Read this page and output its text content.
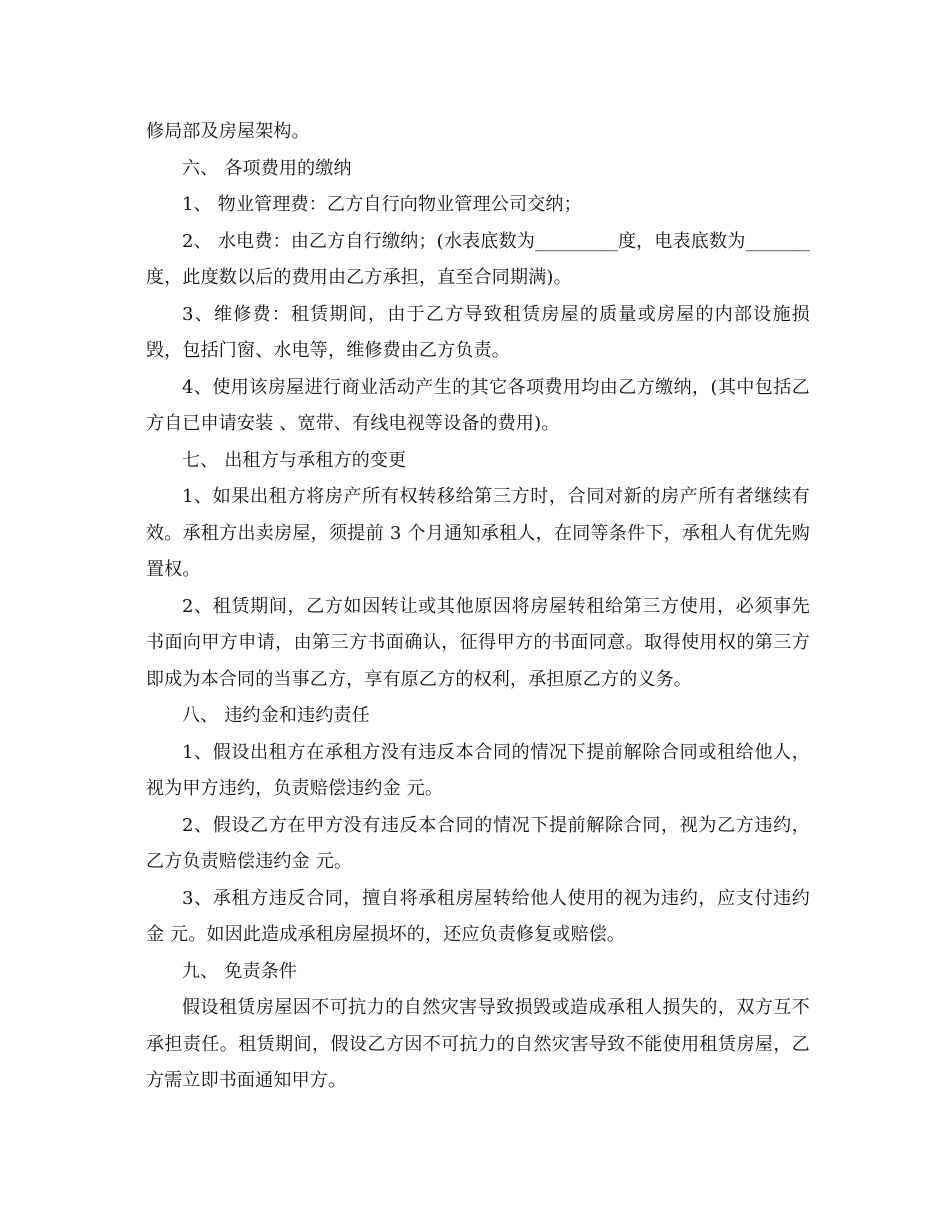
修局部及房屋架构。

六、 各项费用的缴纳

1、 物业管理费：乙方自行向物业管理公司交纳；

2、 水电费：由乙方自行缴纳；(水表底数为_________度，电表底数为_______度，此度数以后的费用由乙方承担，直至合同期满)。

3、维修费：租赁期间，由于乙方导致租赁房屋的质量或房屋的内部设施损毁，包括门窗、水电等，维修费由乙方负责。

4、使用该房屋进行商业活动产生的其它各项费用均由乙方缴纳，(其中包括乙方自已申请安装 、宽带、有线电视等设备的费用)。

七、 出租方与承租方的变更

1、如果出租方将房产所有权转移给第三方时，合同对新的房产所有者继续有效。承租方出卖房屋，须提前 3 个月通知承租人，在同等条件下，承租人有优先购置权。

2、租赁期间，乙方如因转让或其他原因将房屋转租给第三方使用，必须事先书面向甲方申请，由第三方书面确认，征得甲方的书面同意。取得使用权的第三方即成为本合同的当事乙方，享有原乙方的权利，承担原乙方的义务。

八、 违约金和违约责任

1、假设出租方在承租方没有违反本合同的情况下提前解除合同或租给他人，视为甲方违约，负责赔偿违约金 元。

2、假设乙方在甲方没有违反本合同的情况下提前解除合同，视为乙方违约，乙方负责赔偿违约金 元。

3、承租方违反合同，擅自将承租房屋转给他人使用的视为违约，应支付违约金 元。如因此造成承租房屋损坏的，还应负责修复或赔偿。

九、 免责条件

假设租赁房屋因不可抗力的自然灾害导致损毁或造成承租人损失的，双方互不承担责任。租赁期间，假设乙方因不可抗力的自然灾害导致不能使用租赁房屋，乙方需立即书面通知甲方。
